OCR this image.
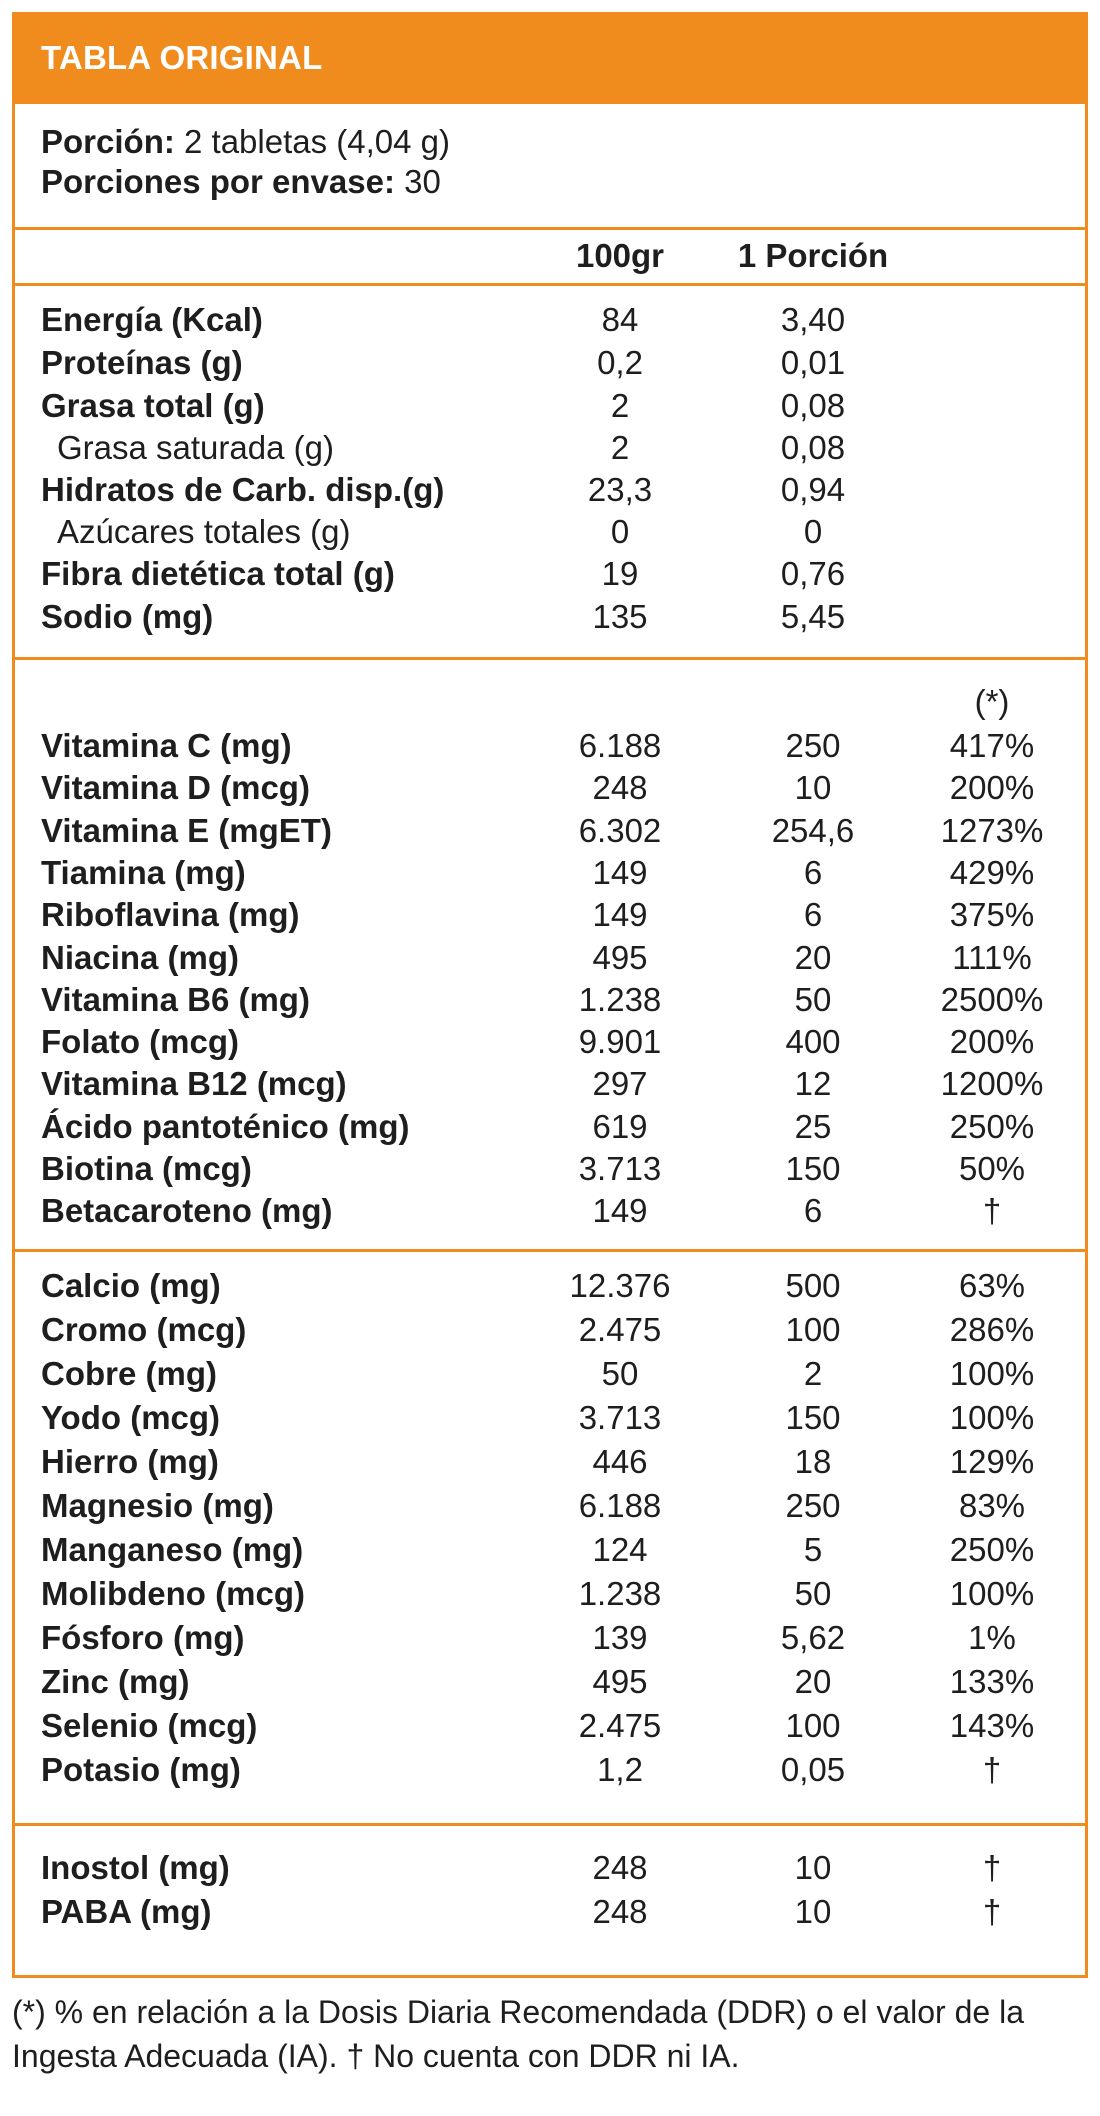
TABLA ORIGINAL
Porción: 2 tabletas (4,04 g)
Porciones por envase: 30
100gr	1 Porción
Energía (Kcal)	84	3,40
Proteínas (g)	0,2	0,01
Grasa total (g)	2	0,08
Grasa saturada (g)	2	0,08
Hidratos de Carb. disp.(g)	23,3	0,94
Azúcares totales (g)	0	0
Fibra dietética total (g)	19	0,76
Sodio (mg)	135	5,45
(*)
Vitamina C (mg)	6.188	250	417%
Vitamina D (mcg)	248	10	200%
Vitamina E (mgET)	6.302	254,6	1273%
Tiamina (mg)	149	6	429%
Riboflavina (mg)	149	6	375%
Niacina (mg)	495	20	111%
Vitamina B6 (mg)	1.238	50	2500%
Folato (mcg)	9.901	400	200%
Vitamina B12 (mcg)	297	12	1200%
Ácido pantoténico (mg)	619	25	250%
Biotina (mcg)	3.713	150	50%
Betacaroteno (mg)	149	6	†
Calcio (mg)	12.376	500	63%
Cromo (mcg)	2.475	100	286%
Cobre (mg)	50	2	100%
Yodo (mcg)	3.713	150	100%
Hierro (mg)	446	18	129%
Magnesio (mg)	6.188	250	83%
Manganeso (mg)	124	5	250%
Molibdeno (mcg)	1.238	50	100%
Fósforo (mg)	139	5,62	1%
Zinc (mg)	495	20	133%
Selenio (mcg)	2.475	100	143%
Potasio (mg)	1,2	0,05	†
Inostol (mg)	248	10	†
PABA (mg)	248	10	†
(*) % en relación a la Dosis Diaria Recomendada (DDR) o el valor de la Ingesta Adecuada (IA). † No cuenta con DDR ni IA.
